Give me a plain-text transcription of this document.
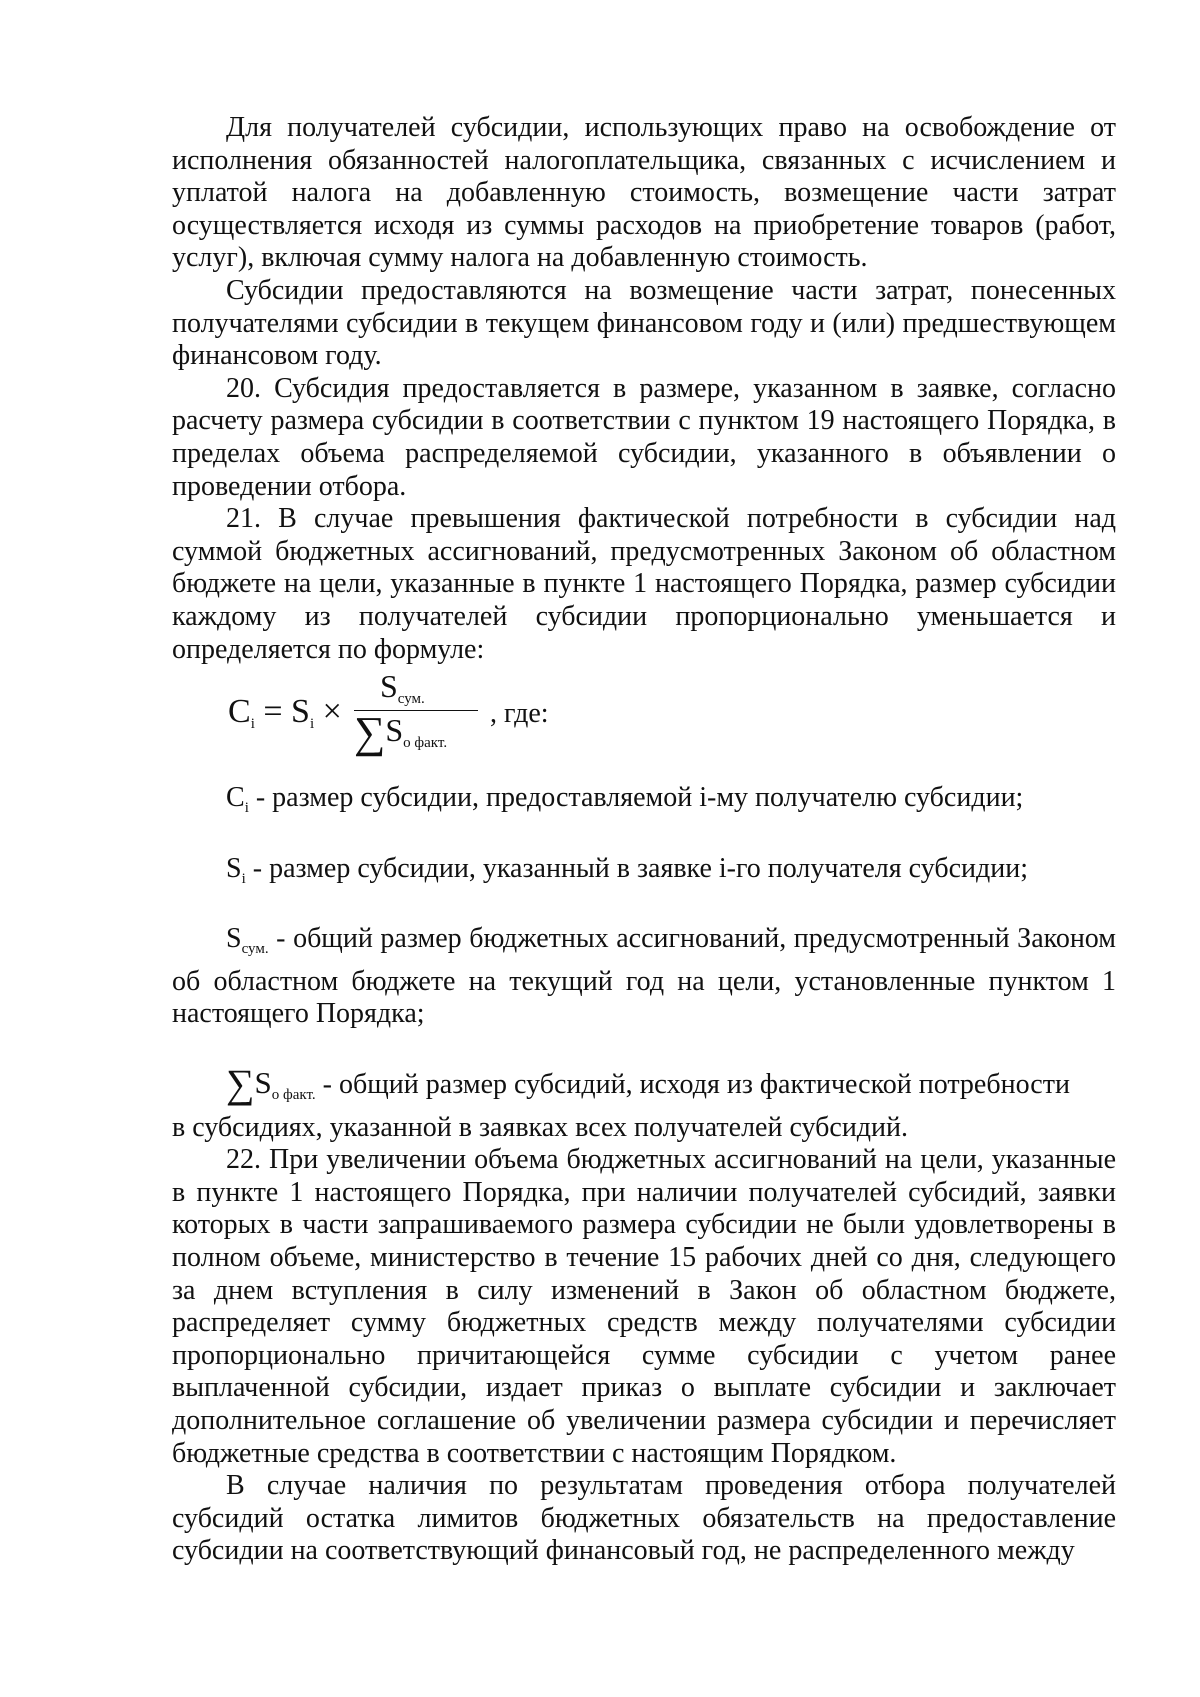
Для получателей субсидии, использующих право на освобождение от исполнения обязанностей налогоплательщика, связанных с исчислением и уплатой налога на добавленную стоимость, возмещение части затрат осуществляется исходя из суммы расходов на приобретение товаров (работ, услуг), включая сумму налога на добавленную стоимость.

Субсидии предоставляются на возмещение части затрат, понесенных получателями субсидии в текущем финансовом году и (или) предшествующем финансовом году.

20. Субсидия предоставляется в размере, указанном в заявке, согласно расчету размера субсидии в соответствии с пунктом 19 настоящего Порядка, в пределах объема распределяемой субсидии, указанного в объявлении о проведении отбора.

21. В случае превышения фактической потребности в субсидии над суммой бюджетных ассигнований, предусмотренных Законом об областном бюджете на цели, указанные в пункте 1 настоящего Порядка, размер субсидии каждому из получателей субсидии пропорционально уменьшается и определяется по формуле:

$C_i = S_i$ ×
$S_{сум.}$
$\sum S_{о факт.}$
, где:

$C_i$ - размер субсидии, предоставляемой i-му получателю субсидии;

$S_i$ - размер субсидии, указанный в заявке i-го получателя субсидии;

$S_{сум.}$ - общий размер бюджетных ассигнований, предусмотренный Законом об областном бюджете на текущий год на цели, установленные пунктом 1 настоящего Порядка;

$\sum S_{о факт.}$ - общий размер субсидий, исходя из фактической потребности

в субсидиях, указанной в заявках всех получателей субсидий.

22. При увеличении объема бюджетных ассигнований на цели, указанные в пункте 1 настоящего Порядка, при наличии получателей субсидий, заявки которых в части запрашиваемого размера субсидии не были удовлетворены в полном объеме, министерство в течение 15 рабочих дней со дня, следующего за днем вступления в силу изменений в Закон об областном бюджете, распределяет сумму бюджетных средств между получателями субсидии пропорционально причитающейся сумме субсидии с учетом ранее выплаченной субсидии, издает приказ о выплате субсидии и заключает дополнительное соглашение об увеличении размера субсидии и перечисляет бюджетные средства в соответствии с настоящим Порядком.

В случае наличия по результатам проведения отбора получателей субсидий остатка лимитов бюджетных обязательств на предоставление субсидии на соответствующий финансовый год, не распределенного между
